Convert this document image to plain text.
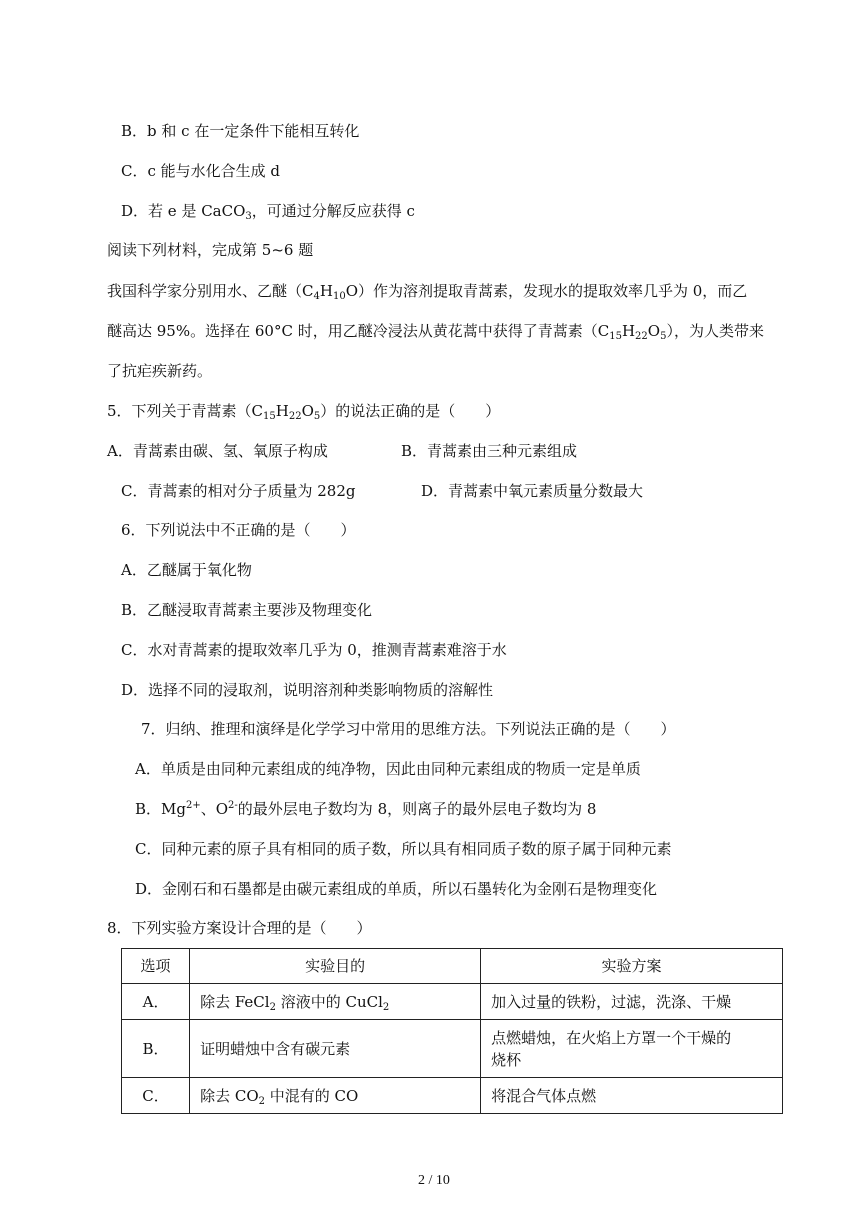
B．b 和 c 在一定条件下能相互转化
C．c 能与水化合生成 d
D．若 e 是 CaCO$_3$，可通过分解反应获得 c
阅读下列材料，完成第 5~6 题
我国科学家分别用水、乙醚$(C_4H_{10}O)$作为溶剂提取青蒿素，发现水的提取效率几乎为 0，而乙
醚高达 95%。选择在 60°C 时，用乙醚冷浸法从黄花蒿中获得了青蒿素$(C_{15}H_{22}O_5)$，为人类带来
了抗疟疾新药。
5．下列关于青蒿素$(C_{15}H_{22}O_5)$的说法正确的是（　　）
A．青蒿素由碳、氢、氧原子构成	B．青蒿素由三种元素组成
C．青蒿素的相对分子质量为 282g	D．青蒿素中氧元素质量分数最大
6．下列说法中不正确的是（　　）
A．乙醚属于氧化物
B．乙醚浸取青蒿素主要涉及物理变化
C．水对青蒿素的提取效率几乎为 0，推测青蒿素难溶于水
D．选择不同的浸取剂，说明溶剂种类影响物质的溶解性
7．归纳、推理和演绎是化学学习中常用的思维方法。下列说法正确的是（　　）
A．单质是由同种元素组成的纯净物，因此由同种元素组成的物质一定是单质
B．$Mg^{2+}$、$O^{2-}$的最外层电子数均为 8，则离子的最外层电子数均为 8
C．同种元素的原子具有相同的质子数，所以具有相同质子数的原子属于同种元素
D．金刚石和石墨都是由碳元素组成的单质，所以石墨转化为金刚石是物理变化
8．下列实验方案设计合理的是（　　）
选项	实验目的	实验方案
A．	除去 FeCl$_2$ 溶液中的 CuCl$_2$	加入过量的铁粉，过滤，洗涤、干燥
B．	证明蜡烛中含有碳元素	点燃蜡烛，在火焰上方罩一个干燥的
烧杯

C．	除去 $CO_2$ 中混有的 CO	将混合气体点燃
2 / 10
